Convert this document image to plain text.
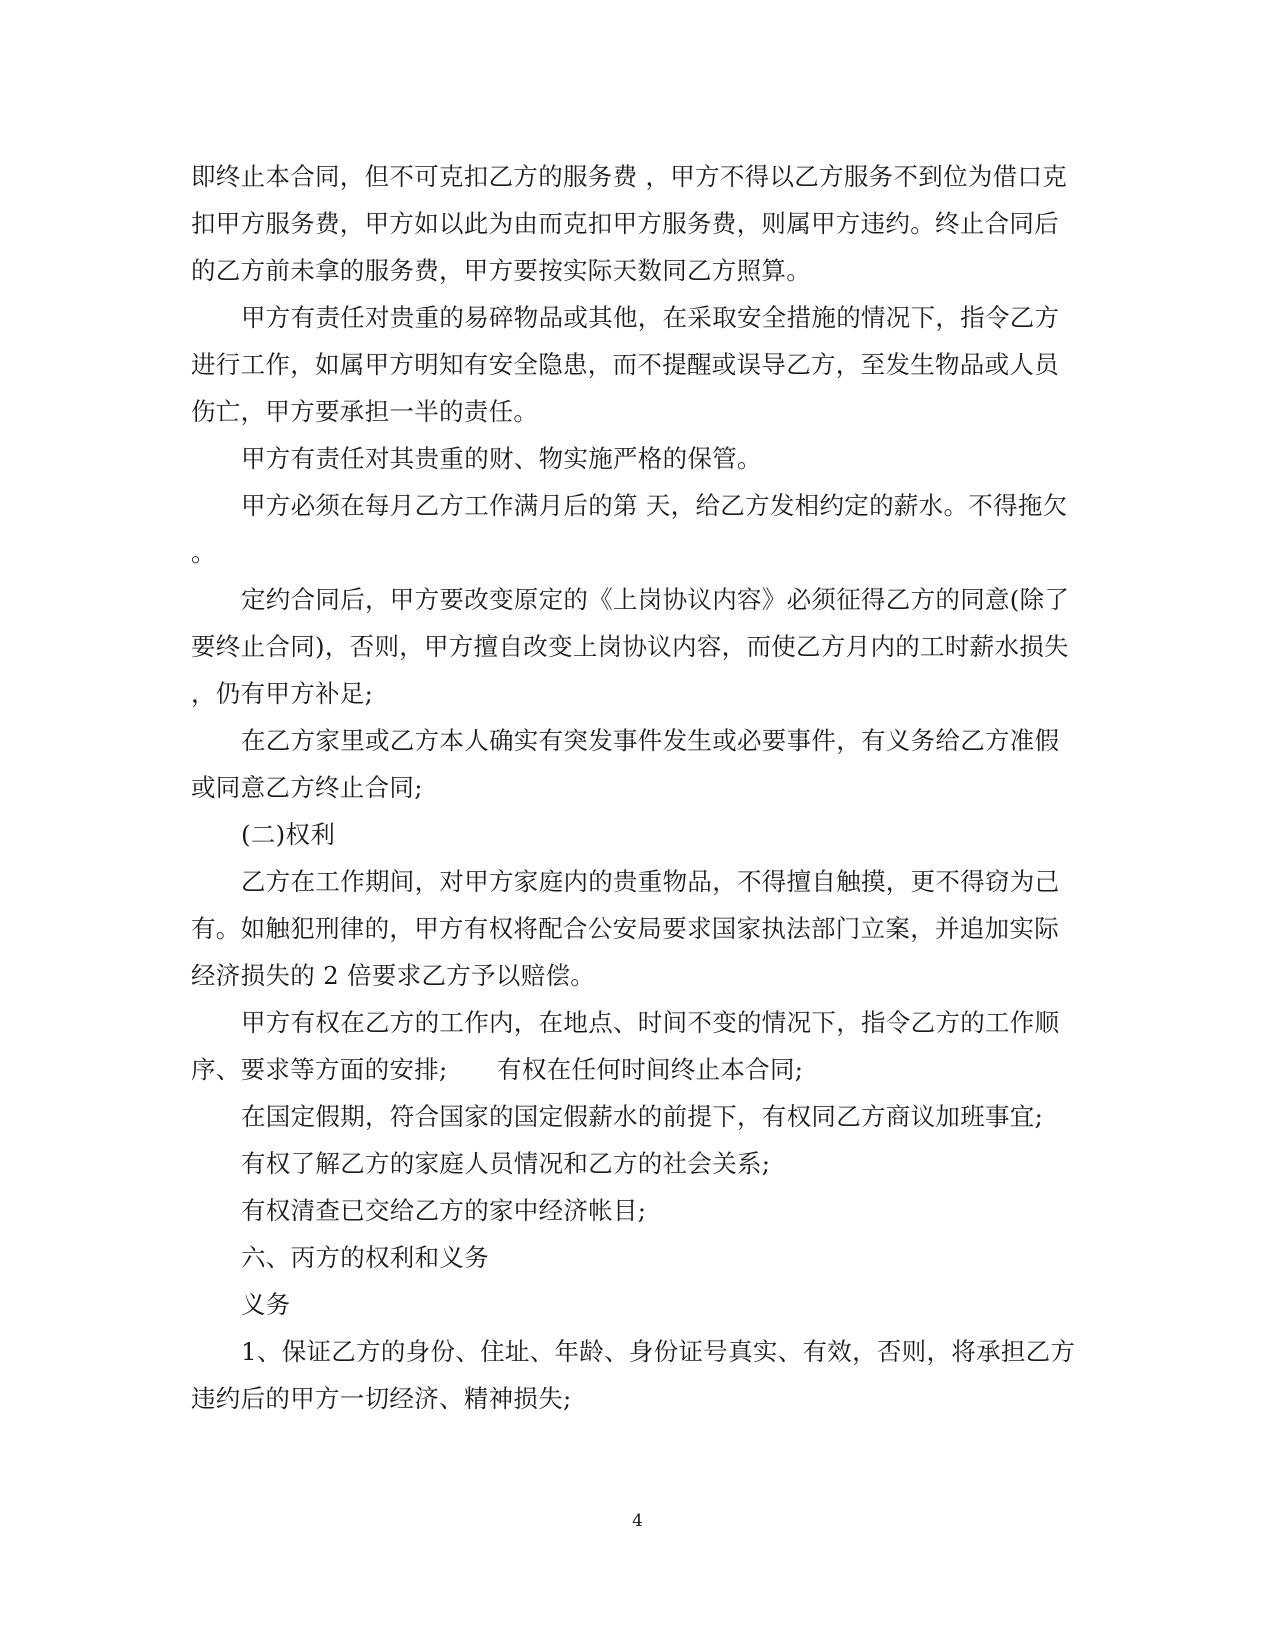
即终止本合同，但不可克扣乙方的服务费 ，甲方不得以乙方服务不到位为借口克
扣甲方服务费，甲方如以此为由而克扣甲方服务费，则属甲方违约。终止合同后
的乙方前未拿的服务费，甲方要按实际天数同乙方照算。
甲方有责任对贵重的易碎物品或其他，在采取安全措施的情况下，指令乙方
进行工作，如属甲方明知有安全隐患，而不提醒或误导乙方，至发生物品或人员
伤亡，甲方要承担一半的责任。
甲方有责任对其贵重的财、物实施严格的保管。
甲方必须在每月乙方工作满月后的第 天，给乙方发相约定的薪水。不得拖欠
。
定约合同后，甲方要改变原定的《上岗协议内容》必须征得乙方的同意(除了
要终止合同)，否则，甲方擅自改变上岗协议内容，而使乙方月内的工时薪水损失
，仍有甲方补足;
在乙方家里或乙方本人确实有突发事件发生或必要事件，有义务给乙方准假
或同意乙方终止合同;
(二)权利
乙方在工作期间，对甲方家庭内的贵重物品，不得擅自触摸，更不得窃为己
有。如触犯刑律的，甲方有权将配合公安局要求国家执法部门立案，并追加实际
经济损失的 2 倍要求乙方予以赔偿。
甲方有权在乙方的工作内，在地点、时间不变的情况下，指令乙方的工作顺
序、要求等方面的安排;　　有权在任何时间终止本合同;
在国定假期，符合国家的国定假薪水的前提下，有权同乙方商议加班事宜;
有权了解乙方的家庭人员情况和乙方的社会关系;
有权清查已交给乙方的家中经济帐目;
六、丙方的权利和义务
义务
1、保证乙方的身份、住址、年龄、身份证号真实、有效，否则，将承担乙方
违约后的甲方一切经济、精神损失;
4
